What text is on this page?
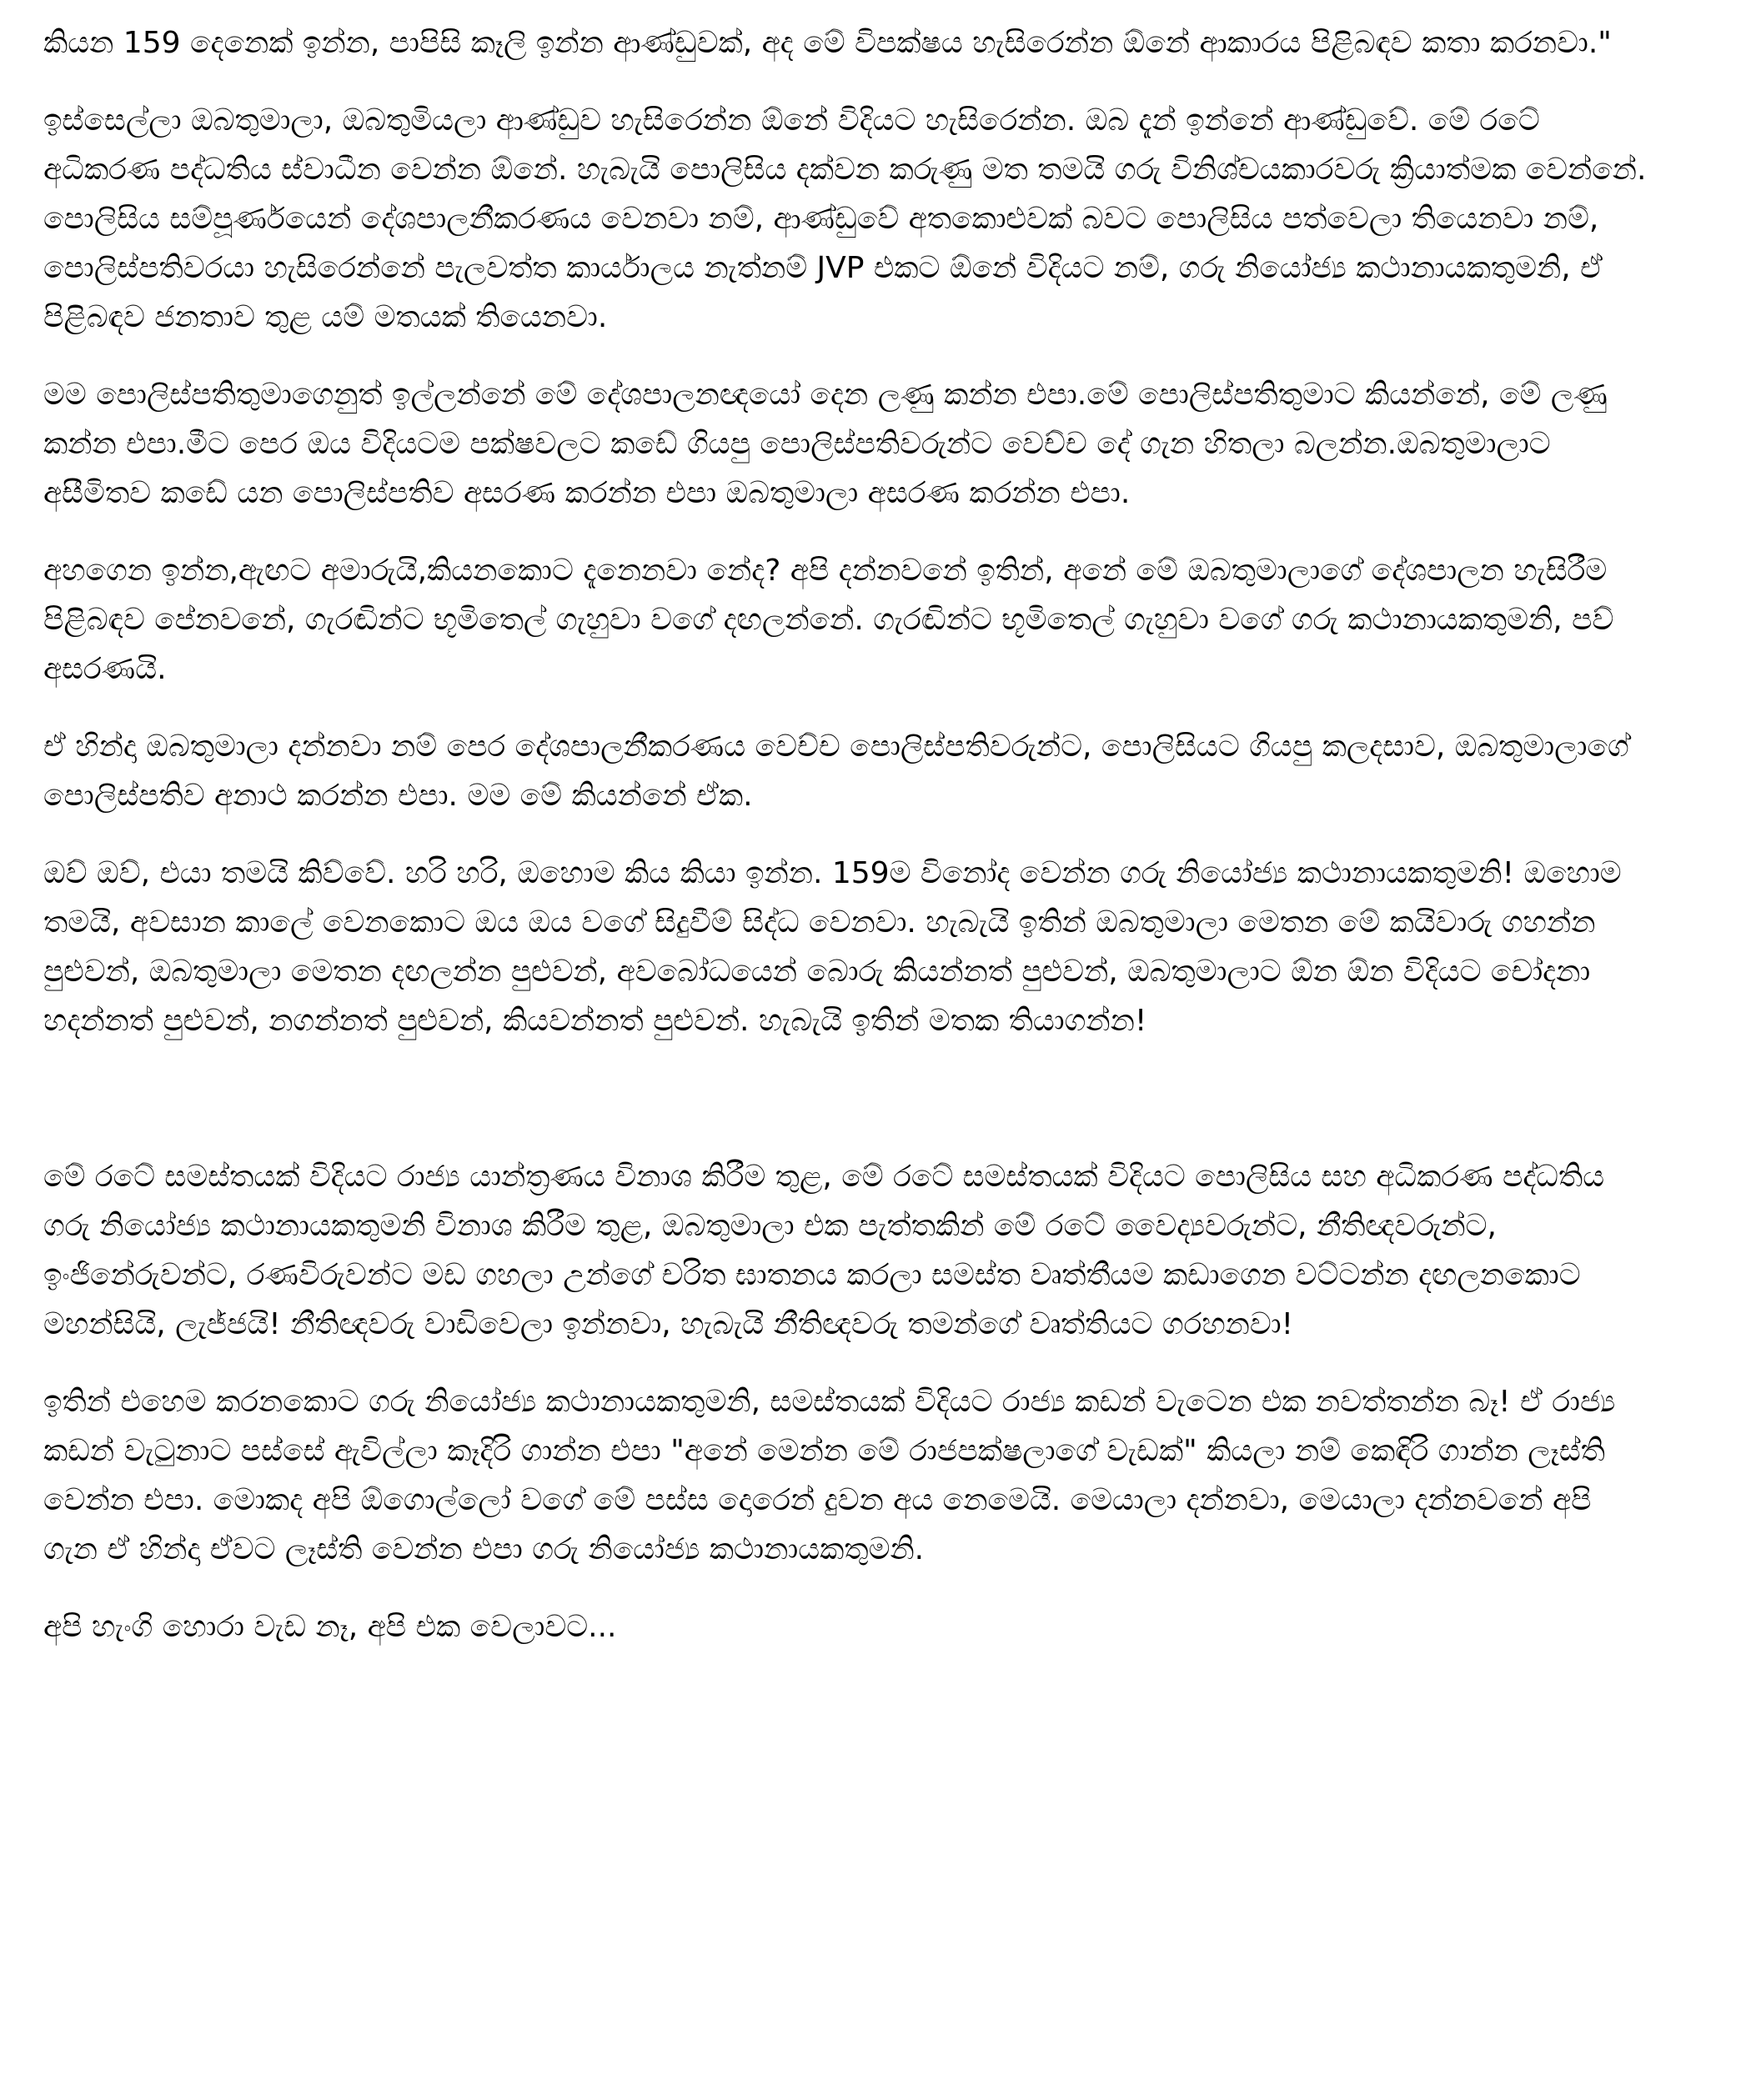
කියන 159 දෙනෙක් ඉන්න, පාපිසි කෑලි ඉන්න ආණ්ඩුවක්, අද මේ විපක්ෂය හැසිරෙන්න ඕනේ ආකාරය පිළිබඳව කතා කරනවා."

ඉස්සෙල්ලා ඔබතුමාලා, ඔබතුමියලා ආණ්ඩුව හැසිරෙන්න ඕනේ විදියට හැසිරෙන්න. ඔබ දැන් ඉන්නේ ආණ්ඩුවේ. මේ රටේ අධිකරණ පද්ධතිය ස්වාධීන වෙන්න ඕනේ. හැබැයි පොලිසිය දක්වන කරුණු මත තමයි ගරු විනිශ්චයකාරවරු ක්‍රියාත්මක වෙන්නේ. පොලිසිය සම්පූර්ණයෙන් දේශපාලනීකරණය වෙනවා නම්, ආණ්ඩුවේ අතකොළුවක් බවට පොලිසිය පත්වෙලා තියෙනවා නම්, පොලිස්පතිවරයා හැසිරෙන්නේ පැලවත්ත කාර්යාලය නැත්නම් JVP එකට ඕනේ විදියට නම්, ගරු නියෝජ්‍ය කථානායකතුමනි, ඒ පිළිබඳව ජනතාව තුළ යම් මතයක් තියෙනවා.

මම පොලිස්පතිතුමාගෙනුත් ඉල්ලන්නේ මේ දේශපාලනඥයෝ දෙන ලණු කන්න එපා.මේ පොලිස්පතිතුමාට කියන්නේ, මේ ලණු කන්න එපා.මීට පෙර ඔය විදියටම පක්ෂවලට කඩේ ගියපු පොලිස්පතිවරුන්ට වෙච්ච දේ ගැන හිතලා බලන්න.ඔබතුමාලාට අසීමිතව කඩේ යන පොලිස්පතිව අසරණ කරන්න එපා ඔබතුමාලා අසරණ කරන්න එපා.

අහගෙන ඉන්න,ඇඟට අමාරුයි,කියනකොට දැනෙනවා නේද? අපි දන්නවනේ ඉතින්, අනේ මේ ඔබතුමාලාගේ දේශපාලන හැසිරීම පිළිබඳව පේනවනේ, ගැරඬින්ට භූමිතෙල් ගැහුවා වගේ දඟලන්නේ. ගැරඬින්ට භූමිතෙල් ගැහුවා වගේ ගරු කථානායකතුමනි, පව් අසරණයි.

ඒ හින්දා ඔබතුමාලා දන්නවා නම් පෙර දේශපාලනීකරණය වෙච්ච පොලිස්පතිවරුන්ට, පොලිසියට ගියපු කලදසාව, ඔබතුමාලාගේ පොලිස්පතිව අනාථ කරන්න එපා. මම මේ කියන්නේ ඒක.

ඔව් ඔව්, එයා තමයි කිව්වේ. හරි හරි, ඔහොම කිය කියා ඉන්න. 159ම විනෝද වෙන්න ගරු නියෝජ්‍ය කථානායකතුමනි! ඔහොම තමයි, අවසාන කාලේ වෙනකොට ඔය ඔය වගේ සිදුවීම් සිද්ධ වෙනවා. හැබැයි ඉතින් ඔබතුමාලා මෙතන මේ කයිවාරු ගහන්න පුළුවන්, ඔබතුමාලා මෙතන දඟලන්න පුළුවන්, අවබෝධයෙන් බොරු කියන්නත් පුළුවන්, ඔබතුමාලාට ඕන ඕන විදියට චෝදනා හදන්නත් පුළුවන්, නගන්නත් පුළුවන්, කියවන්නත් පුළුවන්. හැබැයි ඉතින් මතක තියාගන්න!

මේ රටේ සමස්තයක් විදියට රාජ්‍ය යාන්ත්‍රණය විනාශ කිරීම තුළ, මේ රටේ සමස්තයක් විදියට පොලිසිය සහ අධිකරණ පද්ධතිය ගරු නියෝජ්‍ය කථානායකතුමනි විනාශ කිරීම තුළ, ඔබතුමාලා එක පැත්තකින් මේ රටේ වෛද්‍යවරුන්ට, නීතිඥවරුන්ට, ඉංජිනේරුවන්ට, රණවිරුවන්ට මඩ ගහලා උන්ගේ චරිත ඝාතනය කරලා සමස්ත වෘත්තීයම කඩාගෙන වට්ටන්න දඟලනකොට මහන්සියි, ලැජ්ජයි! නීතිඥවරු වාඩිවෙලා ඉන්නවා, හැබැයි නීතිඥවරු තමන්ගේ වෘත්තියට ගරහනවා!

ඉතින් එහෙම කරනකොට ගරු නියෝජ්‍ය කථානායකතුමනි, සමස්තයක් විදියට රාජ්‍ය කඩන් වැටෙන එක නවත්තන්න බෑ! ඒ රාජ්‍ය කඩන් වැටුනාට පස්සේ ඇවිල්ලා කෑදිරි ගාන්න එපා "අනේ මෙන්න මේ රාජපක්ෂලාගේ වැඩක්" කියලා නම් කෙඳිරි ගාන්න ලෑස්ති වෙන්න එපා. මොකද අපි ඕගොල්ලෝ වගේ මේ පස්ස දොරෙන් දුවන අය නෙමෙයි. මෙයාලා දන්නවා, මෙයාලා දන්නවනේ අපි ගැන ඒ හින්දා ඒවට ලෑස්ති වෙන්න එපා ගරු නියෝජ්‍ය කථානායකතුමනි.

අපි හැංගි හොරා වැඩ නෑ, අපි එක වෙලාවට...
